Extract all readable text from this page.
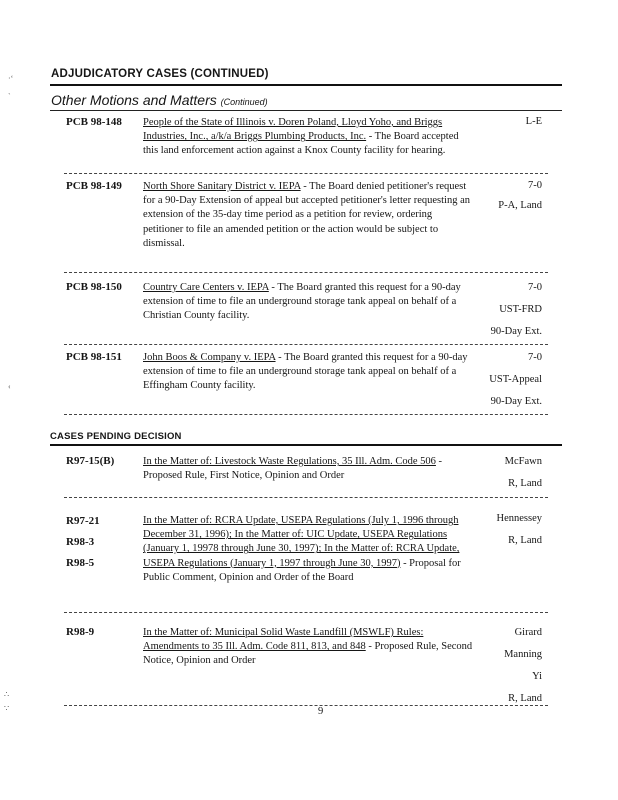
·‘
`
‹
∴
∵
ADJUDICATORY CASES (CONTINUED)
Other Motions and Matters (Continued)
PCB 98-148 People of the State of Illinois v. Doren Poland, Lloyd Yoho, and Briggs Industries, Inc., a/k/a Briggs Plumbing Products, Inc. - The Board accepted this land enforcement action against a Knox County facility for hearing.
L-E
PCB 98-149 North Shore Sanitary District v. IEPA - The Board denied petitioner's request for a 90-Day Extension of appeal but accepted petitioner's letter requesting an extension of the 35-day time period as a petition for review, ordering petitioner to file an amended petition or the action would be subject to dismissal.
7-0
P-A, Land
PCB 98-150 Country Care Centers v. IEPA - The Board granted this request for a 90-day extension of time to file an underground storage tank appeal on behalf of a Christian County facility.
7-0
UST-FRD
90-Day Ext.
PCB 98-151 John Boos & Company v. IEPA - The Board granted this request for a 90-day extension of time to file an underground storage tank appeal on behalf of a Effingham County facility.
7-0
UST-Appeal
90-Day Ext.
CASES PENDING DECISION
R97-15(B)	In the Matter of: Livestock Waste Regulations, 35 Ill. Adm. Code 506 - Proposed Rule, First Notice, Opinion and Order
McFawn
R, Land
R97-21
R98-3
R98-5
In the Matter of: RCRA Update, USEPA Regulations (July 1, 1996 through December 31, 1996); In the Matter of: UIC Update, USEPA Regulations (January 1, 19978 through June 30, 1997); In the Matter of: RCRA Update, USEPA Regulations (January 1, 1997 through June 30, 1997) - Proposal for Public Comment, Opinion and Order of the Board
Hennessey
R, Land
R98-9	In the Matter of: Municipal Solid Waste Landfill (MSWLF) Rules: Amendments to 35 Ill. Adm. Code 811, 813, and 848 - Proposed Rule, Second Notice, Opinion and Order
Girard
Manning
Yi
R, Land
9
